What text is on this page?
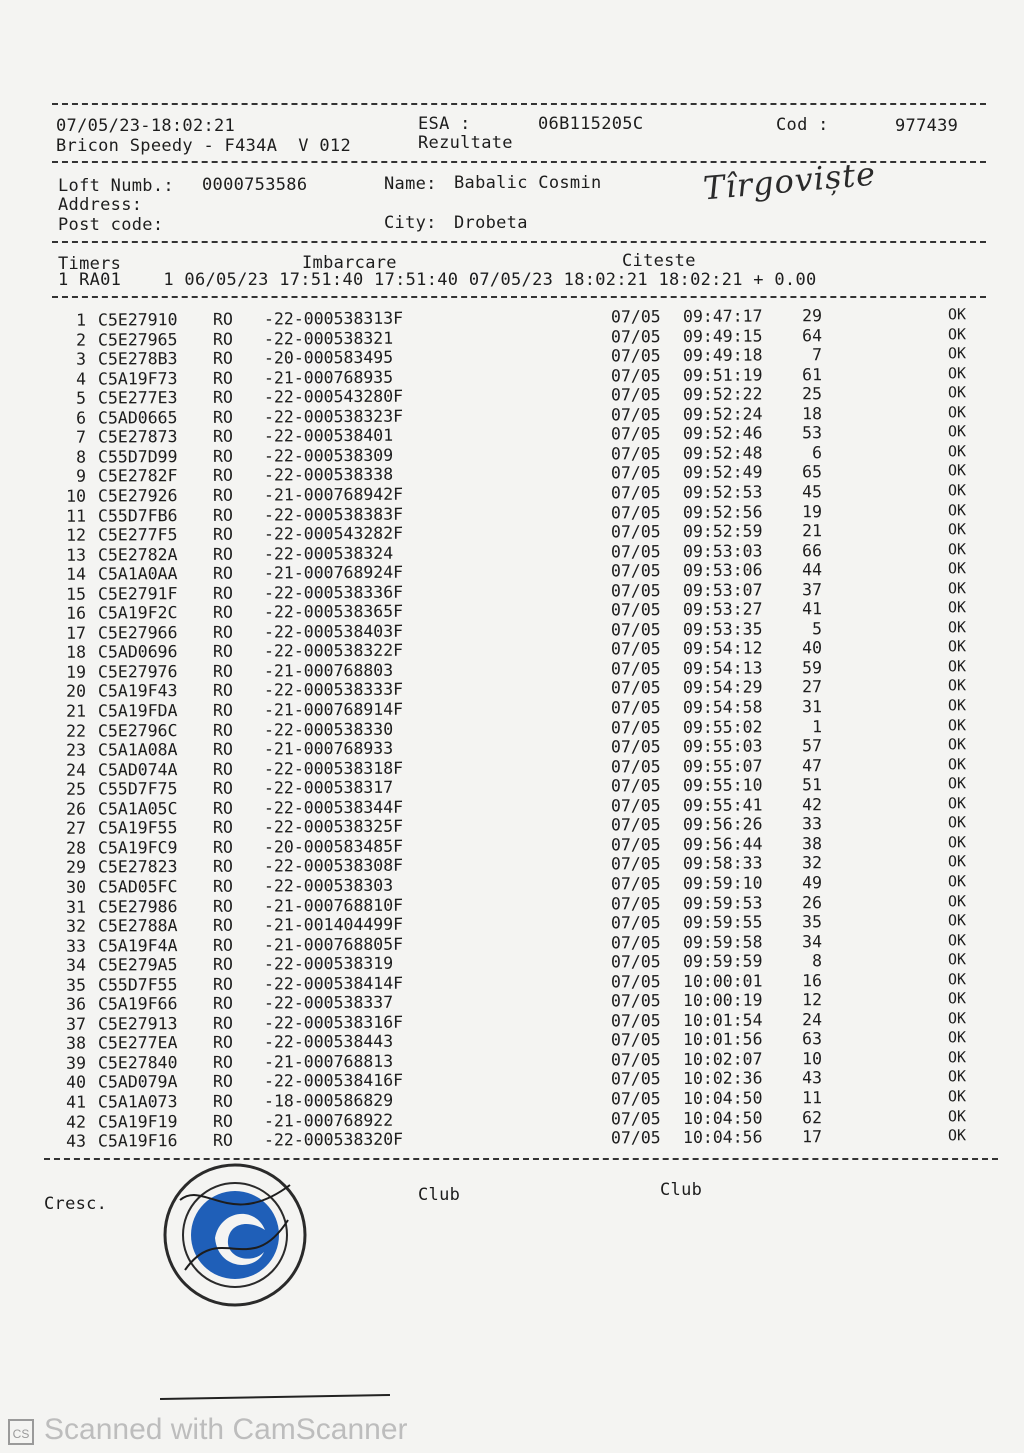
07/05/23-18:02:21	ESA :	06B115205C	Cod :	977439
Bricon Speedy - F434A  V 012	Rezultate
Loft Numb.: 0000753586	Name: Babalic Cosmin	Tîrgoviște
Address:
Post code:	City: Drobeta
Timers	Imbarcare	Citeste
1 RA01    1 06/05/23 17:51:40 17:51:40 07/05/23 18:02:21 18:02:21 + 0.00
1 C5E27910 RO -22-000538313F	07/05 09:47:17	29	OK
2 C5E27965 RO -22-000538321	07/05 09:49:15	64	OK
3 C5E278B3 RO -20-000583495	07/05 09:49:18	7	OK
4 C5A19F73 RO -21-000768935	07/05 09:51:19	61	OK
5 C5E277E3 RO -22-000543280F	07/05 09:52:22	25	OK
6 C5AD0665 RO -22-000538323F	07/05 09:52:24	18	OK
7 C5E27873 RO -22-000538401	07/05 09:52:46	53	OK
8 C55D7D99 RO -22-000538309	07/05 09:52:48	6	OK
9 C5E2782F RO -22-000538338	07/05 09:52:49	65	OK
10 C5E27926 RO -21-000768942F	07/05 09:52:53	45	OK
11 C55D7FB6 RO -22-000538383F	07/05 09:52:56	19	OK
12 C5E277F5 RO -22-000543282F	07/05 09:52:59	21	OK
13 C5E2782A RO -22-000538324	07/05 09:53:03	66	OK
14 C5A1A0AA RO -21-000768924F	07/05 09:53:06	44	OK
15 C5E2791F RO -22-000538336F	07/05 09:53:07	37	OK
16 C5A19F2C RO -22-000538365F	07/05 09:53:27	41	OK
17 C5E27966 RO -22-000538403F	07/05 09:53:35	5	OK
18 C5AD0696 RO -22-000538322F	07/05 09:54:12	40	OK
19 C5E27976 RO -21-000768803	07/05 09:54:13	59	OK
20 C5A19F43 RO -22-000538333F	07/05 09:54:29	27	OK
21 C5A19FDA RO -21-000768914F	07/05 09:54:58	31	OK
22 C5E2796C RO -22-000538330	07/05 09:55:02	1	OK
23 C5A1A08A RO -21-000768933	07/05 09:55:03	57	OK
24 C5AD074A RO -22-000538318F	07/05 09:55:07	47	OK
25 C55D7F75 RO -22-000538317	07/05 09:55:10	51	OK
26 C5A1A05C RO -22-000538344F	07/05 09:55:41	42	OK
27 C5A19F55 RO -22-000538325F	07/05 09:56:26	33	OK
28 C5A19FC9 RO -20-000583485F	07/05 09:56:44	38	OK
29 C5E27823 RO -22-000538308F	07/05 09:58:33	32	OK
30 C5AD05FC RO -22-000538303	07/05 09:59:10	49	OK
31 C5E27986 RO -21-000768810F	07/05 09:59:53	26	OK
32 C5E2788A RO -21-001404499F	07/05 09:59:55	35	OK
33 C5A19F4A RO -21-000768805F	07/05 09:59:58	34	OK
34 C5E279A5 RO -22-000538319	07/05 09:59:59	8	OK
35 C55D7F55 RO -22-000538414F	07/05 10:00:01	16	OK
36 C5A19F66 RO -22-000538337	07/05 10:00:19	12	OK
37 C5E27913 RO -22-000538316F	07/05 10:01:54	24	OK
38 C5E277EA RO -22-000538443	07/05 10:01:56	63	OK
39 C5E27840 RO -21-000768813	07/05 10:02:07	10	OK
40 C5AD079A RO -22-000538416F	07/05 10:02:36	43	OK
41 C5A1A073 RO -18-000586829	07/05 10:04:50	11	OK
42 C5A19F19 RO -21-000768922	07/05 10:04:50	62	OK
43 C5A19F16 RO -22-000538320F	07/05 10:04:56	17	OK
Cresc.	Club	Club
CS Scanned with CamScanner
